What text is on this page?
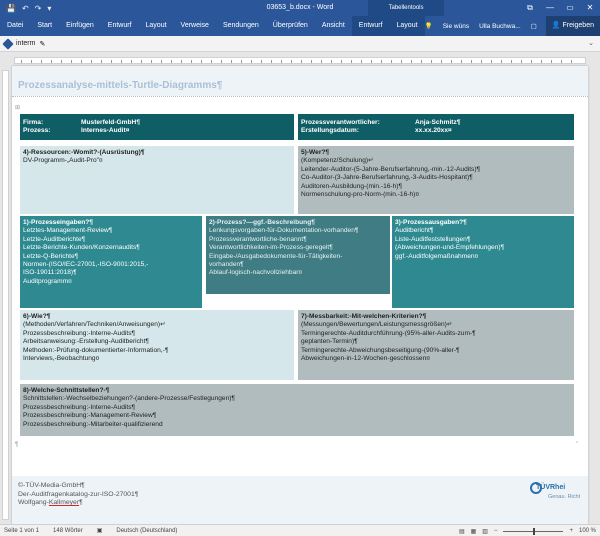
💾 ↶ ↷ ▾	03653_b.docx - Word	Tabellentools	⧉	—	▭	✕
Datei	Start	Einfügen	Entwurf	Layout	Verweise	Sendungen	Überprüfen	Ansicht	Entwurf	Layout	💡	Sie wüns	Ulla Buchwa...	▢	👤 Freigeben
interm ✎	⌄
Prozessanalyse-mittels-Turtle-Diagramms¶
⊞
Firma:	Musterfeld-GmbH¶
Prozess:	Internes-Audit¤
Prozessverantwortlicher:	Anja-Schmitz¶
Erstellungsdatum:	xx.xx.20xx¤
4)-Ressourcen:-Womit?-(Ausrüstung)¶
DV-Programm-„Audit-Pro"¤
5)-Wer?¶
(Kompetenz/Schulung)↵
Leitender-Auditor-(5-Jahre-Berufserfahrung,-min.-12-Audits)¶
Co-Auditor-(3-Jahre-Berufserfahrung,-3-Audits-Hospitant)¶
Auditoren-Ausbildung-(min.-16-h)¶
Normenschulung-pro-Norm-(min.-16-h)¤
1)-Prozesseingaben?¶
Letztes-Management-Review¶
Letzte-Auditberichte¶
Letzte-Berichte-Kunden/Konzernaudits¶
Letzte-Q-Berichte¶
Normen-(ISO/IEC-27001,-ISO-9001:2015,-
ISO-19011:2018)¶
Auditprogramm¤
2)-Prozess?—ggf.-Beschreibung¶
Lenkungsvorgaben-für-Dokumentation-vorhanden¶
Prozessverantwortliche-benannt¶
Verantwortlichkeiten-im-Prozess-geregelt¶
Eingabe-/Ausgabedokumente-für-Tätigkeiten-
vorhanden¶
Ablauf-logisch-nachvollziehbar¤
3)-Prozessausgaben?¶
Auditbericht¶
Liste-Auditfeststellungen¶
(Abweichungen-und-Empfehlungen)¶
ggf.-Auditfolgemaßnahmen¤
6)-Wie?¶
(Methoden/Verfahren/Techniken/Anweisungen)↵
Prozessbeschreibung:-Interne-Audits¶
Arbeitsanweisung:-Erstellung-Auditbericht¶
Methoden:-Prüfung-dokumentierter-Information,-¶
Interviews,-Beobachtung¤
7)-Messbarkeit:-Mit-welchen-Kriterien?¶
(Messungen/Bewertungen/Leistungsmessgrößen)↵
Termingerechte-Auditdurchführung-(95%-aller-Audits-zum-¶
geplanten-Termin)¶
Termingerechte-Abweichungsbeseitigung-(90%-aller-¶
Abweichungen-in-12-Wochen-geschlossen¤
8)-Welche-Schnittstellen?-¶
Schnittstellen:-Wechselbeziehungen?-(andere-Prozesse/Festlegungen)¶
Prozessbeschreibung:-Interne-Audits¶
Prozessbeschreibung:-Management-Review¶
Prozessbeschreibung:-Mitarbeiter-qualifizierend
¶	▫
©-TÜV-Media-GmbH¶
Der-Auditfragenkatalog-zur-ISO-27001¶
Wolfgang-Kallmeyer¶
TÜVRhei
Genau. Richt
Seite 1 von 1 148 Wörter ▣ Deutsch (Deutschland)	▤ ▦ ▥ −	+ 100 %
